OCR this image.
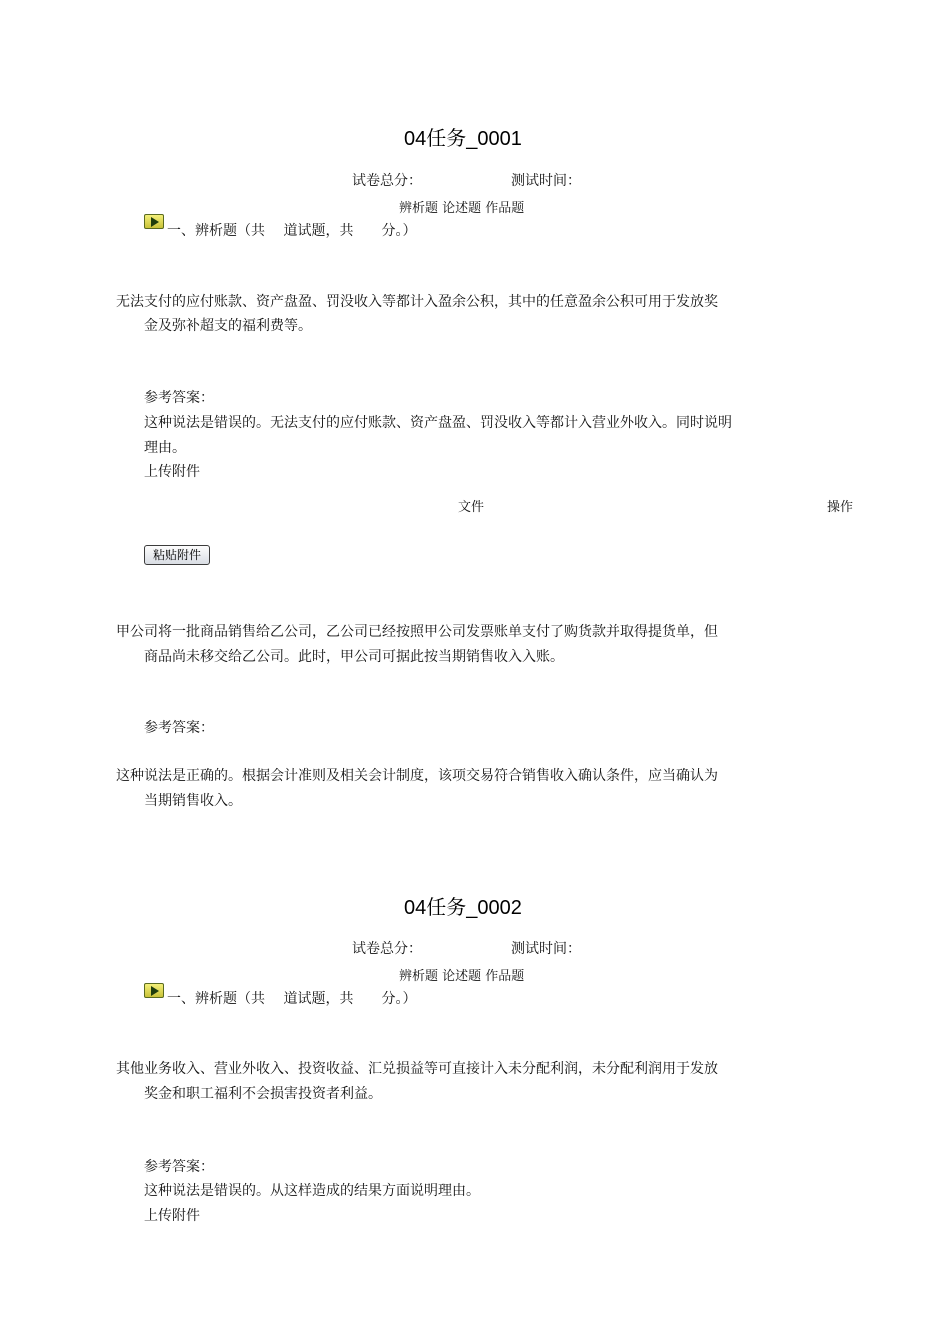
04任务_0001
试卷总分：	测试时间：
辨析题 论述题 作品题
一、辨析题（共　 道试题，共　　分。）
无法支付的应付账款、资产盘盈、罚没收入等都计入盈余公积，其中的任意盈余公积可用于发放奖
金及弥补超支的福利费等。
参考答案：
这种说法是错误的。无法支付的应付账款、资产盘盈、罚没收入等都计入营业外收入。同时说明
理由。
上传附件
文件	操作
粘贴附件
甲公司将一批商品销售给乙公司，乙公司已经按照甲公司发票账单支付了购货款并取得提货单，但
商品尚未移交给乙公司。此时，甲公司可据此按当期销售收入入账。
参考答案：
这种说法是正确的。根据会计准则及相关会计制度，该项交易符合销售收入确认条件，应当确认为
当期销售收入。
04任务_0002
试卷总分：	测试时间：
辨析题 论述题 作品题
一、辨析题（共　 道试题，共　　分。）
其他业务收入、营业外收入、投资收益、汇兑损益等可直接计入未分配利润，未分配利润用于发放
奖金和职工福利不会损害投资者利益。
参考答案：
这种说法是错误的。从这样造成的结果方面说明理由。
上传附件
